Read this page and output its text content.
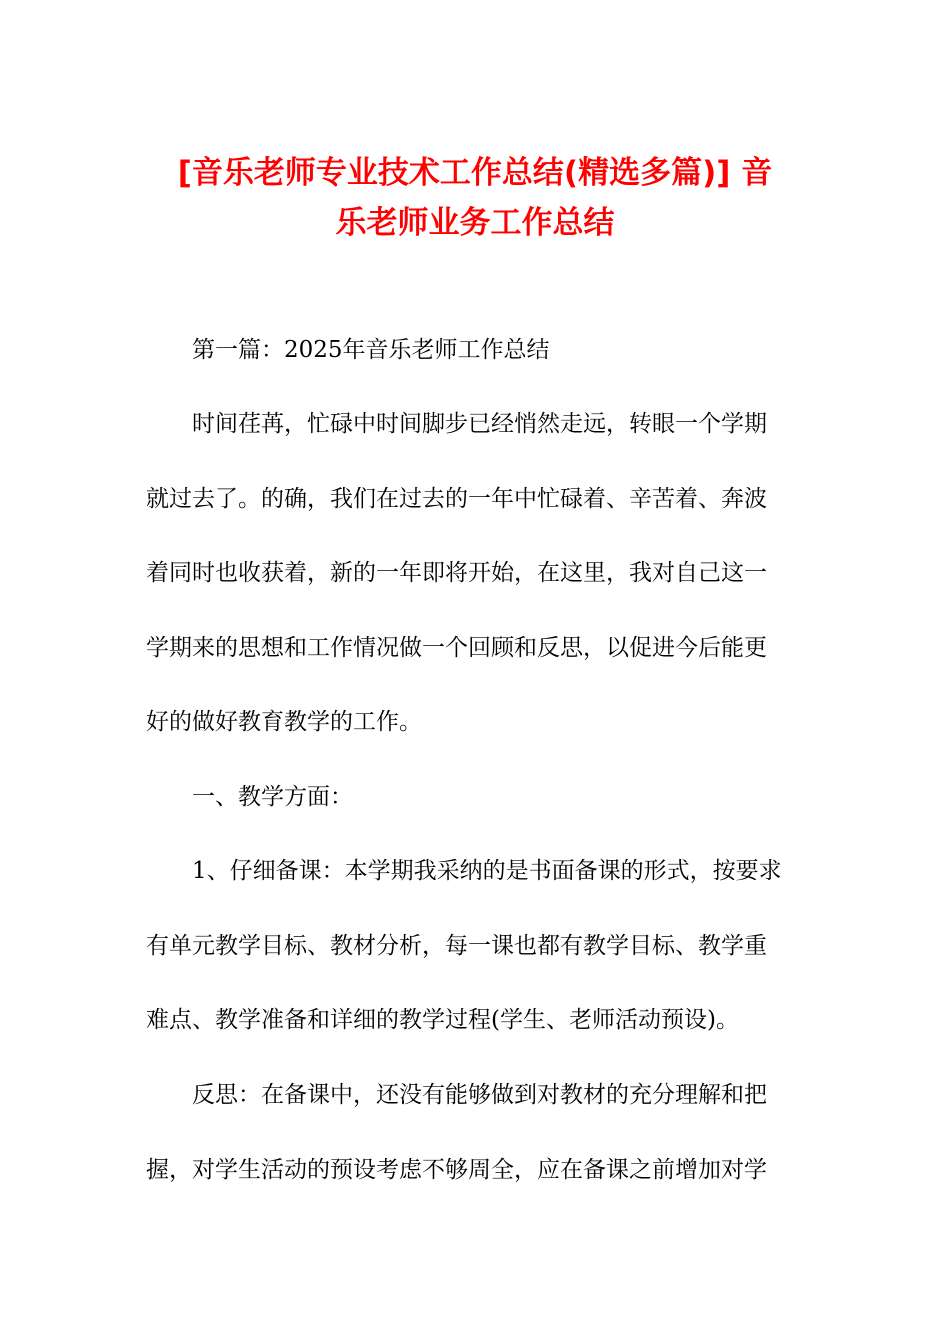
[音乐老师专业技术工作总结(精选多篇)] 音
乐老师业务工作总结

第一篇：2025年音乐老师工作总结

时间荏苒，忙碌中时间脚步已经悄然走远，转眼一个学期
就过去了。的确，我们在过去的一年中忙碌着、辛苦着、奔波
着同时也收获着，新的一年即将开始，在这里，我对自己这一
学期来的思想和工作情况做一个回顾和反思，以促进今后能更
好的做好教育教学的工作。

一、教学方面：

1、仔细备课：本学期我采纳的是书面备课的形式，按要求
有单元教学目标、教材分析，每一课也都有教学目标、教学重
难点、教学准备和详细的教学过程(学生、老师活动预设)。

反思：在备课中，还没有能够做到对教材的充分理解和把
握，对学生活动的预设考虑不够周全，应在备课之前增加对学
